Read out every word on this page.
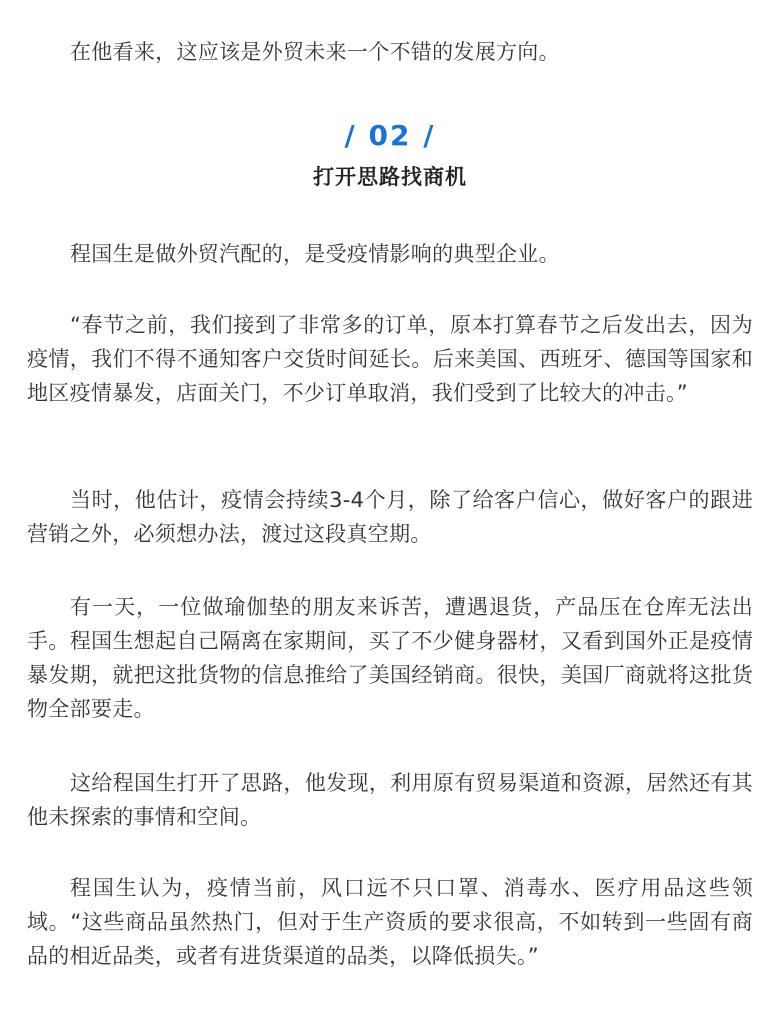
在他看来，这应该是外贸未来一个不错的发展方向。

/ 02 /
打开思路找商机

程国生是做外贸汽配的，是受疫情影响的典型企业。

“春节之前，我们接到了非常多的订单，原本打算春节之后发出去，因为疫情，我们不得不通知客户交货时间延长。后来美国、西班牙、德国等国家和地区疫情暴发，店面关门，不少订单取消，我们受到了比较大的冲击。”

当时，他估计，疫情会持续3-4个月，除了给客户信心，做好客户的跟进营销之外，必须想办法，渡过这段真空期。

有一天，一位做瑜伽垫的朋友来诉苦，遭遇退货，产品压在仓库无法出手。程国生想起自己隔离在家期间，买了不少健身器材，又看到国外正是疫情暴发期，就把这批货物的信息推给了美国经销商。很快，美国厂商就将这批货物全部要走。

这给程国生打开了思路，他发现，利用原有贸易渠道和资源，居然还有其他未探索的事情和空间。

程国生认为，疫情当前，风口远不只口罩、消毒水、医疗用品这些领域。“这些商品虽然热门，但对于生产资质的要求很高，不如转到一些固有商品的相近品类，或者有进货渠道的品类，以降低损失。”
